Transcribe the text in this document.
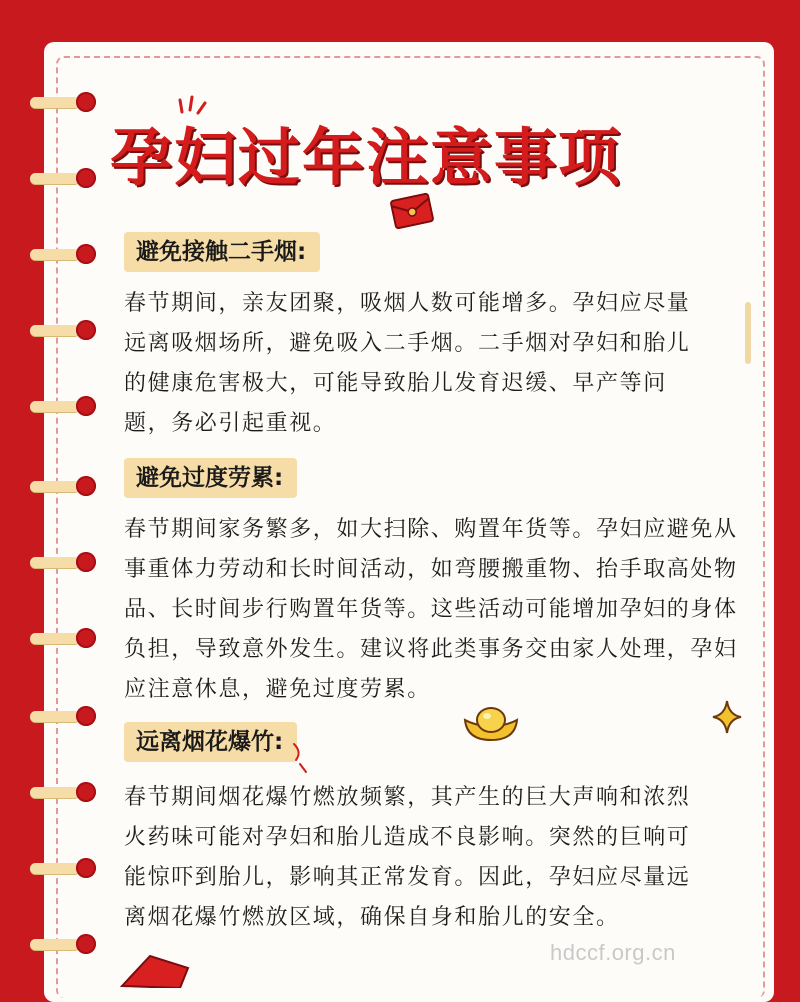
孕妇过年注意事项
避免接触二手烟:
春节期间，亲友团聚，吸烟人数可能增多。孕妇应尽量
远离吸烟场所，避免吸入二手烟。二手烟对孕妇和胎儿
的健康危害极大，可能导致胎儿发育迟缓、早产等问
题，务必引起重视。
避免过度劳累:
春节期间家务繁多，如大扫除、购置年货等。孕妇应避免从
事重体力劳动和长时间活动，如弯腰搬重物、抬手取高处物
品、长时间步行购置年货等。这些活动可能增加孕妇的身体
负担，导致意外发生。建议将此类事务交由家人处理，孕妇
应注意休息，避免过度劳累。
远离烟花爆竹:
春节期间烟花爆竹燃放频繁，其产生的巨大声响和浓烈
火药味可能对孕妇和胎儿造成不良影响。突然的巨响可
能惊吓到胎儿，影响其正常发育。因此，孕妇应尽量远
离烟花爆竹燃放区域，确保自身和胎儿的安全。
hdccf.org.cn
